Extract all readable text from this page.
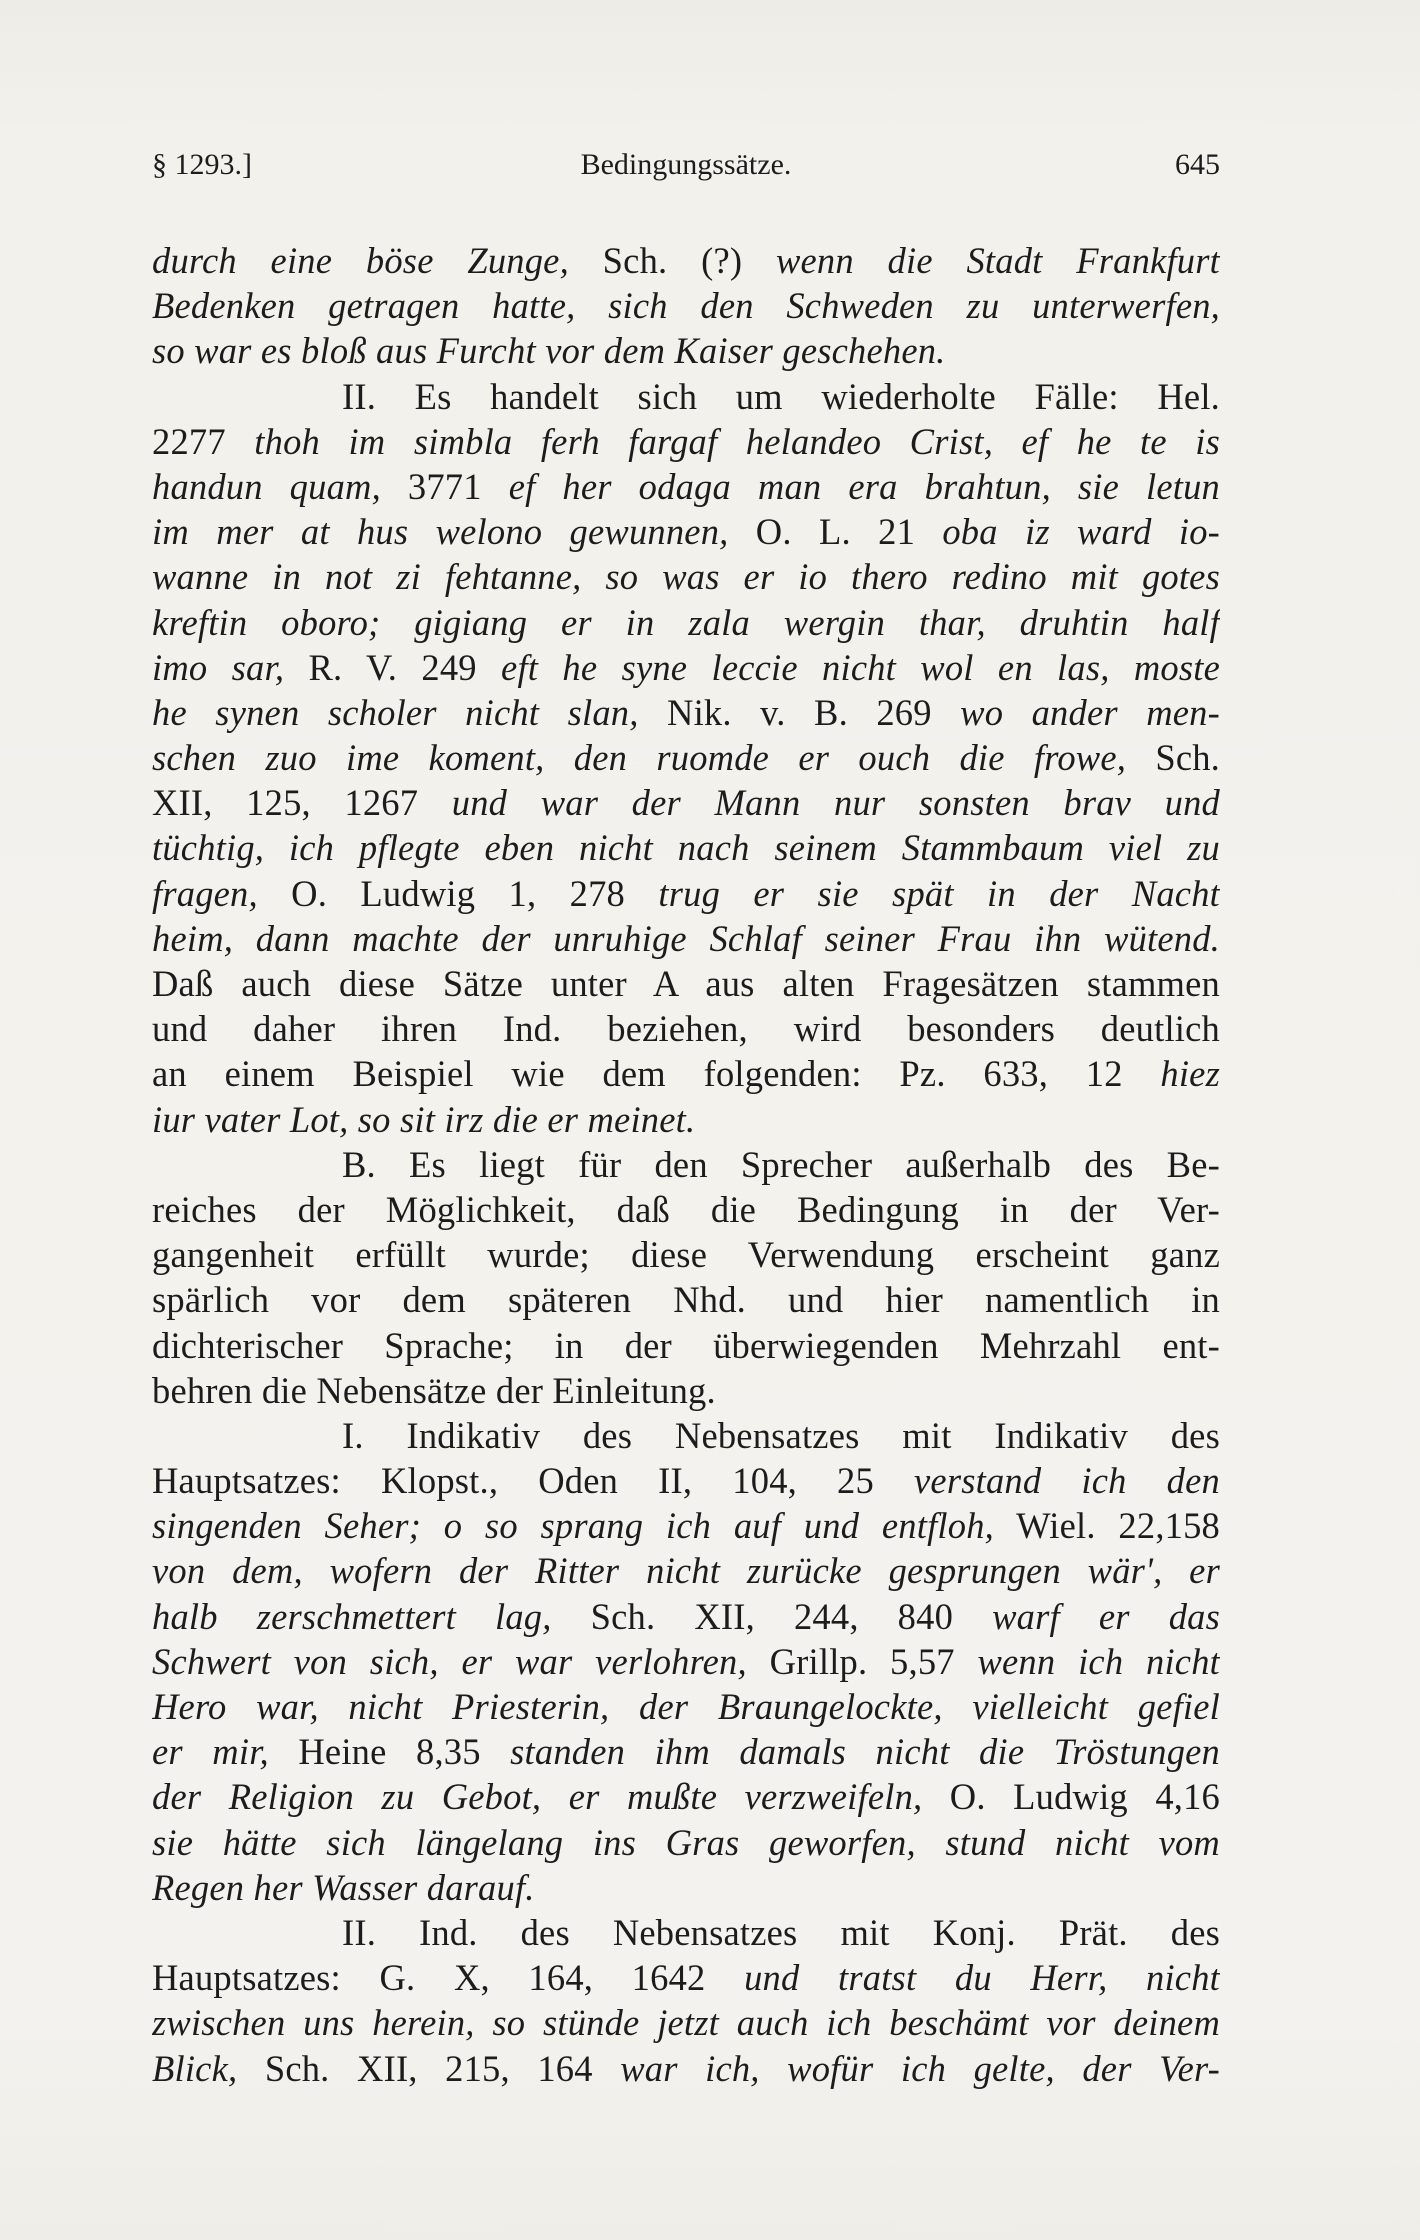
§ 1293.]	Bedingungssätze.	645
durch eine böse Zunge, Sch. (?) wenn die Stadt Frankfurt
Bedenken getragen hatte, sich den Schweden zu unterwerfen,
so war es bloß aus Furcht vor dem Kaiser geschehen.
II. Es handelt sich um wiederholte Fälle: Hel.
2277 thoh im simbla ferh fargaf helandeo Crist, ef he te is
handun quam, 3771 ef her odaga man era brahtun, sie letun
im mer at hus welono gewunnen, O. L. 21 oba iz ward io-
wanne in not zi fehtanne, so was er io thero redino mit gotes
kreftin oboro; gigiang er in zala wergin thar, druhtin half
imo sar, R. V. 249 eft he syne leccie nicht wol en las, moste
he synen scholer nicht slan, Nik. v. B. 269 wo ander men-
schen zuo ime koment, den ruomde er ouch die frowe, Sch.
XII, 125, 1267 und war der Mann nur sonsten brav und
tüchtig, ich pflegte eben nicht nach seinem Stammbaum viel zu
fragen, O. Ludwig 1, 278 trug er sie spät in der Nacht
heim, dann machte der unruhige Schlaf seiner Frau ihn wütend.
Daß auch diese Sätze unter A aus alten Fragesätzen stammen
und daher ihren Ind. beziehen, wird besonders deutlich
an einem Beispiel wie dem folgenden: Pz. 633, 12 hiez
iur vater Lot, so sit irz die er meinet.
B. Es liegt für den Sprecher außerhalb des Be-
reiches der Möglichkeit, daß die Bedingung in der Ver-
gangenheit erfüllt wurde; diese Verwendung erscheint ganz
spärlich vor dem späteren Nhd. und hier namentlich in
dichterischer Sprache; in der überwiegenden Mehrzahl ent-
behren die Nebensätze der Einleitung.
I. Indikativ des Nebensatzes mit Indikativ des
Hauptsatzes: Klopst., Oden II, 104, 25 verstand ich den
singenden Seher; o so sprang ich auf und entfloh, Wiel. 22,158
von dem, wofern der Ritter nicht zurücke gesprungen wär', er
halb zerschmettert lag, Sch. XII, 244, 840 warf er das
Schwert von sich, er war verlohren, Grillp. 5,57 wenn ich nicht
Hero war, nicht Priesterin, der Braungelockte, vielleicht gefiel
er mir, Heine 8,35 standen ihm damals nicht die Tröstungen
der Religion zu Gebot, er mußte verzweifeln, O. Ludwig 4,16
sie hätte sich längelang ins Gras geworfen, stund nicht vom
Regen her Wasser darauf.
II. Ind. des Nebensatzes mit Konj. Prät. des
Hauptsatzes: G. X, 164, 1642 und tratst du Herr, nicht
zwischen uns herein, so stünde jetzt auch ich beschämt vor deinem
Blick, Sch. XII, 215, 164 war ich, wofür ich gelte, der Ver-
